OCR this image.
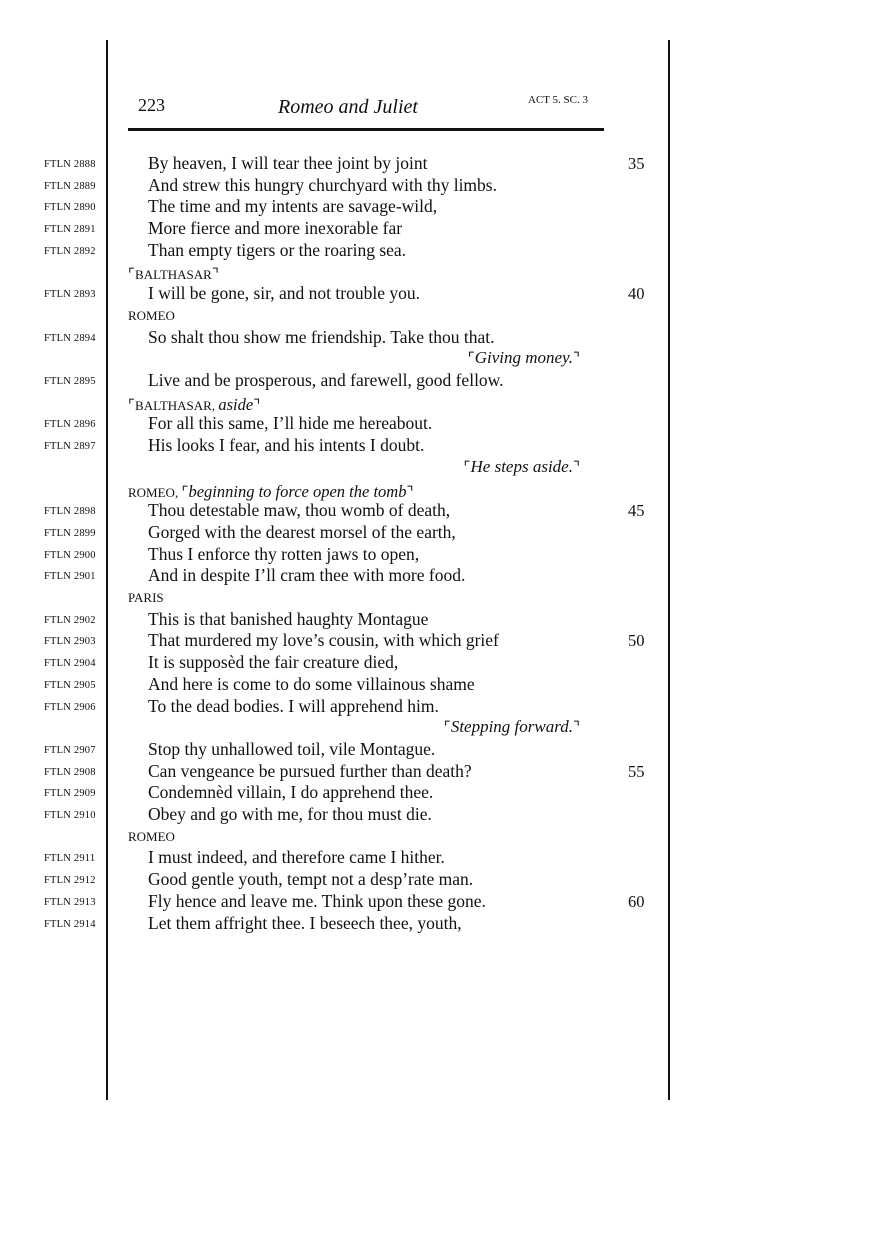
223	Romeo and Juliet	ACT 5. SC. 3
FTLN 2888	By heaven, I will tear thee joint by joint	35
FTLN 2889	And strew this hungry churchyard with thy limbs.
FTLN 2890	The time and my intents are savage-wild,
FTLN 2891	More fierce and more inexorable far
FTLN 2892	Than empty tigers or the roaring sea.
⌜BALTHASAR⌝
FTLN 2893	I will be gone, sir, and not trouble you.	40
ROMEO
FTLN 2894	So shalt thou show me friendship. Take thou that.
⌜Giving money.⌝
FTLN 2895	Live and be prosperous, and farewell, good fellow.
⌜BALTHASAR, aside⌝
FTLN 2896	For all this same, I’ll hide me hereabout.
FTLN 2897	His looks I fear, and his intents I doubt.
⌜He steps aside.⌝
ROMEO, ⌜beginning to force open the tomb⌝
FTLN 2898	Thou detestable maw, thou womb of death,	45
FTLN 2899	Gorged with the dearest morsel of the earth,
FTLN 2900	Thus I enforce thy rotten jaws to open,
FTLN 2901	And in despite I’ll cram thee with more food.
PARIS
FTLN 2902	This is that banished haughty Montague
FTLN 2903	That murdered my love’s cousin, with which grief	50
FTLN 2904	It is supposèd the fair creature died,
FTLN 2905	And here is come to do some villainous shame
FTLN 2906	To the dead bodies. I will apprehend him.
⌜Stepping forward.⌝
FTLN 2907	Stop thy unhallowed toil, vile Montague.
FTLN 2908	Can vengeance be pursued further than death?	55
FTLN 2909	Condemnèd villain, I do apprehend thee.
FTLN 2910	Obey and go with me, for thou must die.
ROMEO
FTLN 2911	I must indeed, and therefore came I hither.
FTLN 2912	Good gentle youth, tempt not a desp’rate man.
FTLN 2913	Fly hence and leave me. Think upon these gone.	60
FTLN 2914	Let them affright thee. I beseech thee, youth,
